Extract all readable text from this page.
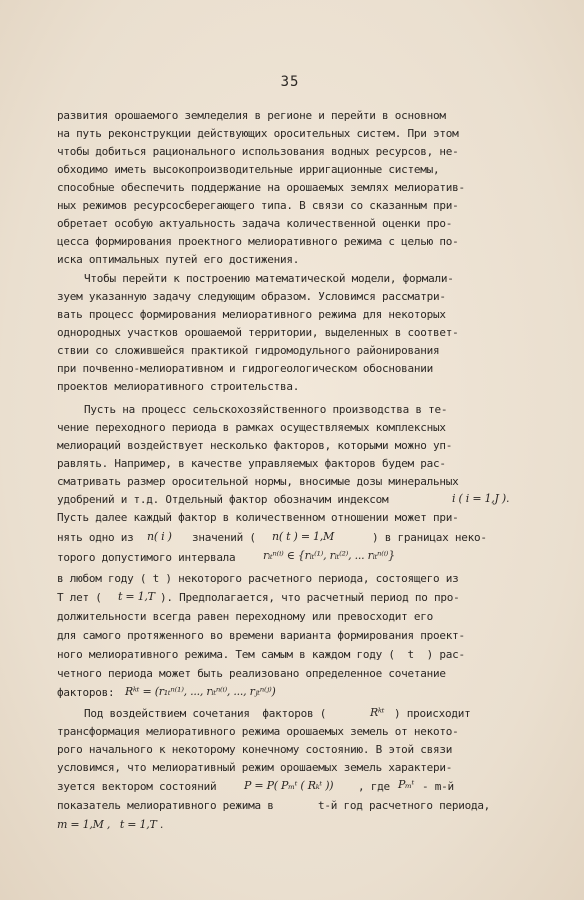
35
развития орошаемого земледелия в регионе и перейти в основном
на путь реконструкции действующих оросительных систем. При этом
чтобы добиться рационального использования водных ресурсов, не-
обходимо иметь высокопроизводительные ирригационные системы,
способные обеспечить поддержание на орошаемых землях мелиоратив-
ных режимов ресурсосберегающего типа. В связи со сказанным при-
обретает особую актуальность задача количественной оценки про-
цесса формирования проектного мелиоративного режима с целью по-
иска оптимальных путей его достижения.
Чтобы перейти к построению математической модели, формали-
зуем указанную задачу следующим образом. Условимся рассматри-
вать процесс формирования мелиоративного режима для некоторых
однородных участков орошаемой территории, выделенных в соответ-
ствии со сложившейся практикой гидромодульного районирования
при почвенно-мелиоративном и гидрогеологическом обосновании
проектов мелиоративного строительства.
Пусть на процесс сельскохозяйственного производства в те-
чение переходного периода в рамках осуществляемых комплексных
мелиораций воздействует несколько факторов, которыми можно уп-
равлять. Например, в качестве управляемых факторов будем рас-
сматривать размер оросительной нормы, вносимые дозы минеральных
удобрений и т.д. Отдельный фактор обозначим индексом	i ( i = 1,J ).
Пусть далее каждый фактор в количественном отношении может при-
нять одно из n( i ) значений ( n( t ) = 1,M	) в границах неко-
торого допустимого интервала	rᵢₜⁿ⁽ⁱ⁾ ∈ {rᵢₜ⁽¹⁾, rᵢₜ⁽²⁾, ... rᵢₜⁿ⁽ⁱ⁾}
в любом году ( t ) некоторого расчетного периода, состоящего из
Т лет ( t = 1,T ). Предполагается, что расчетный период по про-
должительности всегда равен переходному или превосходит его
для самого протяженного во времени варианта формирования проект-
ного мелиоративного режима. Тем самым в каждом году (  t  ) рас-
четного периода может быть реализовано определенное сочетание
факторов: Rᵏᵗ = (r₁ₜⁿ⁽¹⁾, ..., rᵢₜⁿ⁽ⁱ⁾, ..., rⱼₜⁿ⁽ʲ⁾)
Под воздействием сочетания  факторов (	Rᵏᵗ ) происходит
трансформация мелиоративного режима орошаемых земель от некото-
рого начального к некоторому конечному состоянию. В этой связи
условимся, что мелиоративный режим орошаемых земель характери-
зуется вектором состояний	P = P( Pₘᵗ ( Rₖᵗ )) , где Pₘᵗ - m-й
показатель мелиоративного режима в	t-й год расчетного периода,
m = 1,M ,   t = 1,T .
